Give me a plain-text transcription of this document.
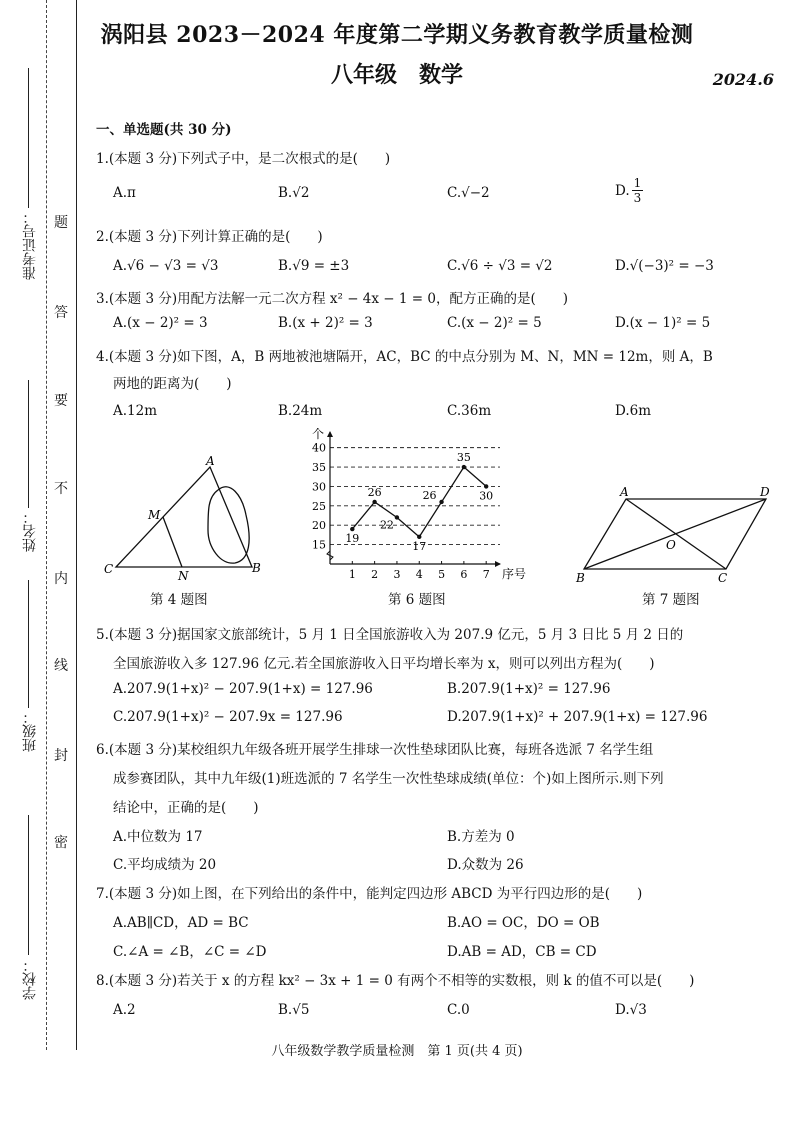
准考证号：
姓名：
班级：
学校：
题
答
要
不
内
线
封
密
涡阳县 2023－2024 年度第二学期义务教育教学质量检测
八年级　数学	2024.6
一、单选题(共 30 分)
1.(本题 3 分)下列式子中，是二次根式的是(　　)
A.π	B.√2	C.√−2	D. $\frac{1}{3}$
2.(本题 3 分)下列计算正确的是(　　)
A.√6 − √3 = √3	B.√9 = ±3	C.√6 ÷ √3 = √2	D.√(−3)² = −3
3.(本题 3 分)用配方法解一元二次方程 x² − 4x − 1 = 0，配方正确的是(　　)
A.(x − 2)² = 3	B.(x + 2)² = 3	C.(x − 2)² = 5	D.(x − 1)² = 5
4.(本题 3 分)如下图，A，B 两地被池塘隔开，AC，BC 的中点分别为 M、N，MN = 12m，则 A，B
两地的距离为(　　)
A.12m	B.24m	C.36m	D.6m
A
M
C	N
B
第 4 题图
15
20
25
30
35
40
1 2 3 4 5 6 7
19
26
22
17
26
35
30
个
序号
第 6 题图
A	D
O
B	C
第 7 题图
5.(本题 3 分)据国家文旅部统计，5 月 1 日全国旅游收入为 207.9 亿元，5 月 3 日比 5 月 2 日的
全国旅游收入多 127.96 亿元.若全国旅游收入日平均增长率为 x，则可以列出方程为(　　)
A.207.9(1+x)² − 207.9(1+x) = 127.96	B.207.9(1+x)² = 127.96
C.207.9(1+x)² − 207.9x = 127.96	D.207.9(1+x)² + 207.9(1+x) = 127.96
6.(本题 3 分)某校组织九年级各班开展学生排球一次性垫球团队比赛，每班各选派 7 名学生组
成参赛团队，其中九年级(1)班选派的 7 名学生一次性垫球成绩(单位：个)如上图所示.则下列
结论中，正确的是(　　)
A.中位数为 17	B.方差为 0
C.平均成绩为 20	D.众数为 26
7.(本题 3 分)如上图，在下列给出的条件中，能判定四边形 ABCD 为平行四边形的是(　　)
A.AB∥CD，AD = BC	B.AO = OC，DO = OB
C.∠A = ∠B，∠C = ∠D	D.AB = AD，CB = CD
8.(本题 3 分)若关于 x 的方程 kx² − 3x + 1 = 0 有两个不相等的实数根，则 k 的值不可以是(　　)
A.2	B.√5	C.0	D.√3
八年级数学教学质量检测　第 1 页(共 4 页)
